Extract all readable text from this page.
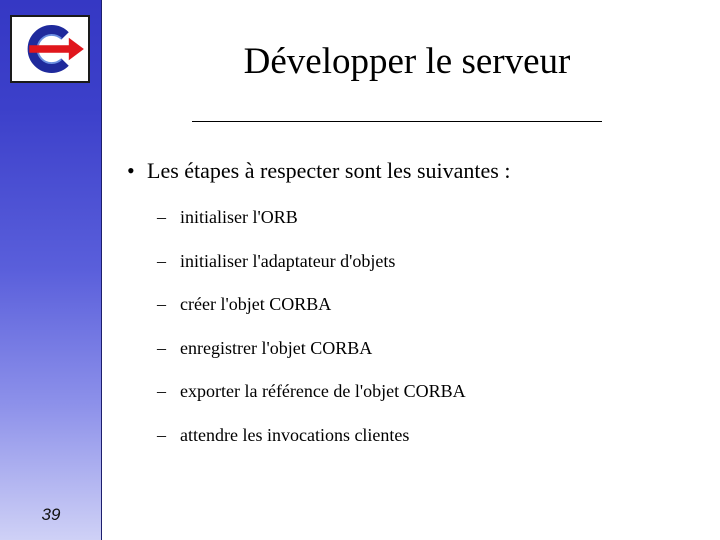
39
Développer le serveur
• Les étapes à respecter sont les suivantes :
– initialiser l'ORB
– initialiser l'adaptateur d'objets
– créer l'objet CORBA
– enregistrer l'objet CORBA
– exporter la référence de l'objet CORBA
– attendre les invocations clientes
